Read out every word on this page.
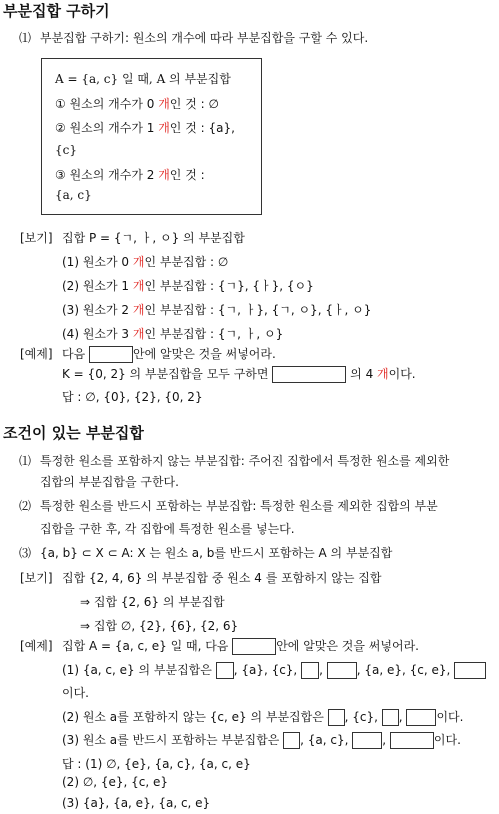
부분집합 구하기
⑴ 부분집합 구하기: 원소의 개수에 따라 부분집합을 구할 수 있다.
A = {a, c} 일 때, A 의 부분집합
① 원소의 개수가 0 개인 것 : ∅
② 원소의 개수가 1 개인 것 : {a},
{c}
③ 원소의 개수가 2 개인 것 :
{a, c}
[보기] 집합 P = {ㄱ, ㅏ, ㅇ} 의 부분집합
(1) 원소가 0 개인 부분집합 : ∅
(2) 원소가 1 개인 부분집합 : {ㄱ}, {ㅏ}, {ㅇ}
(3) 원소가 2 개인 부분집합 : {ㄱ, ㅏ}, {ㄱ, ㅇ}, {ㅏ, ㅇ}
(4) 원소가 3 개인 부분집합 : {ㄱ, ㅏ, ㅇ}
[예제] 다음	안에 알맞은 것을 써넣어라.
K = {0, 2} 의 부분집합을 모두 구하면	의 4 개이다.
답 : ∅, {0}, {2}, {0, 2}
조건이 있는 부분집합
⑴ 특정한 원소를 포함하지 않는 부분집합: 주어진 집합에서 특정한 원소를 제외한
집합의 부분집합을 구한다.
⑵ 특정한 원소를 반드시 포함하는 부분집합: 특정한 원소를 제외한 집합의 부분
집합을 구한 후, 각 집합에 특정한 원소를 넣는다.
⑶ {a, b} ⊂ X ⊂ A: X 는 원소 a, b를 반드시 포함하는 A 의 부분집합
[보기] 집합 {2, 4, 6} 의 부분집합 중 원소 4 를 포함하지 않는 집합
⇒ 집합 {2, 6} 의 부분집합
⇒ 집합 ∅, {2}, {6}, {2, 6}
[예제] 집합 A = {a, c, e} 일 때, 다음	안에 알맞은 것을 써넣어라.
(1) {a, c, e} 의 부분집합은 , {a}, {c}, ,	, {a, e}, {c, e},
이다.
(2) 원소 a를 포함하지 않는 {c, e} 의 부분집합은 , {c}, ,	이다.
(3) 원소 a를 반드시 포함하는 부분집합은 , {a, c},	,	이다.
답 : (1) ∅, {e}, {a, c}, {a, c, e}
(2) ∅, {e}, {c, e}
(3) {a}, {a, e}, {a, c, e}
